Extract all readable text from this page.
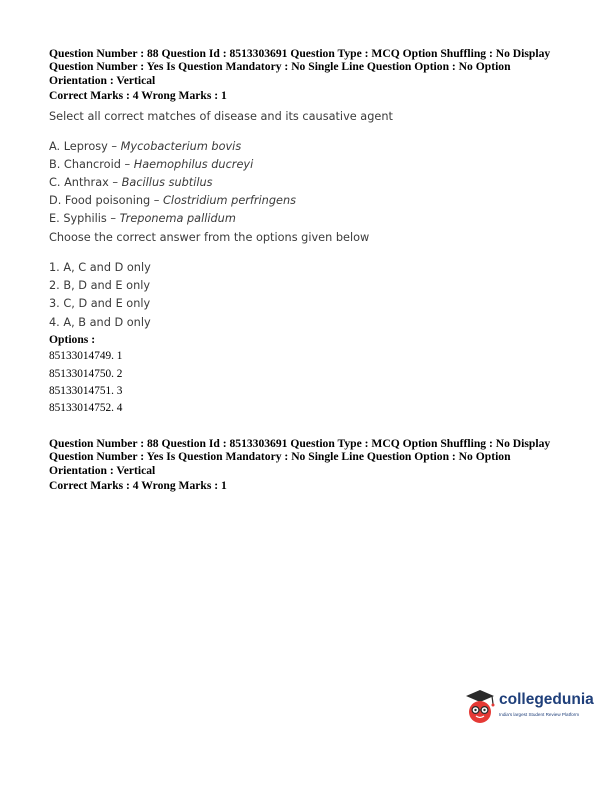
Question Number : 88 Question Id : 8513303691 Question Type : MCQ Option Shuffling : No Display
Question Number : Yes Is Question Mandatory : No Single Line Question Option : No Option
Orientation : Vertical
Correct Marks : 4 Wrong Marks : 1
Select all correct matches of disease and its causative agent
A. Leprosy – Mycobacterium bovis
B. Chancroid – Haemophilus ducreyi
C. Anthrax – Bacillus subtilus
D. Food poisoning – Clostridium perfringens
E. Syphilis – Treponema pallidum
Choose the correct answer from the options given below
1. A, C and D only
2. B, D and E only
3. C, D and E only
4. A, B and D only
Options :
85133014749. 1
85133014750. 2
85133014751. 3
85133014752. 4
Question Number : 88 Question Id : 8513303691 Question Type : MCQ Option Shuffling : No Display
Question Number : Yes Is Question Mandatory : No Single Line Question Option : No Option
Orientation : Vertical
Correct Marks : 4 Wrong Marks : 1
collegedunia
India's largest Student Review Platform
